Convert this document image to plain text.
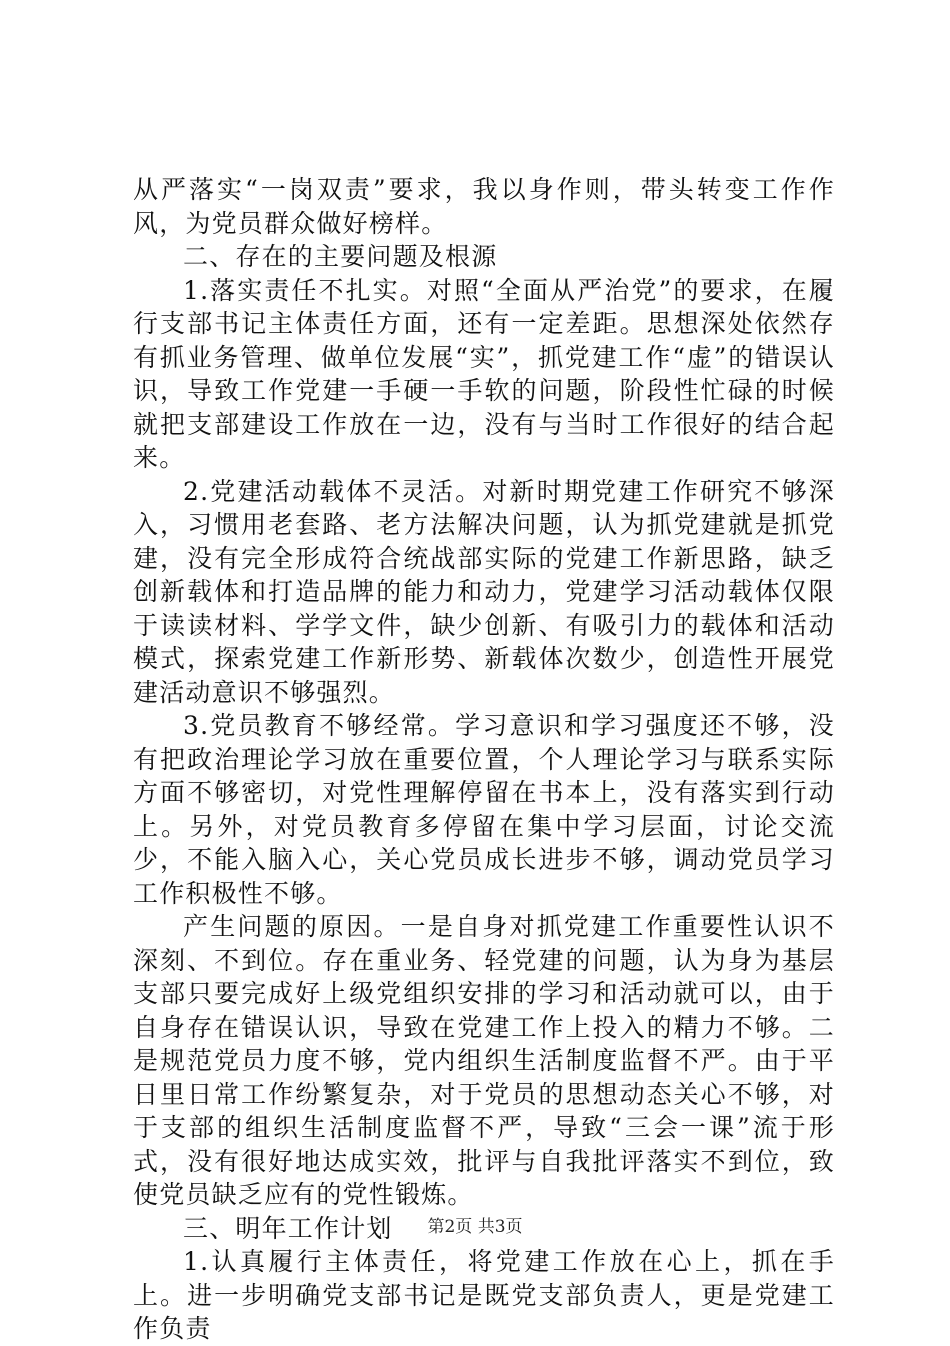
从严落实“一岗双责”要求，我以身作则，带头转变工作作风，为党员群众做好榜样。

二、存在的主要问题及根源

1.落实责任不扎实。对照“全面从严治党”的要求，在履行支部书记主体责任方面，还有一定差距。思想深处依然存有抓业务管理、做单位发展“实”，抓党建工作“虚”的错误认识，导致工作党建一手硬一手软的问题，阶段性忙碌的时候就把支部建设工作放在一边，没有与当时工作很好的结合起来。

2.党建活动载体不灵活。对新时期党建工作研究不够深入，习惯用老套路、老方法解决问题，认为抓党建就是抓党建，没有完全形成符合统战部实际的党建工作新思路，缺乏创新载体和打造品牌的能力和动力，党建学习活动载体仅限于读读材料、学学文件，缺少创新、有吸引力的载体和活动模式，探索党建工作新形势、新载体次数少，创造性开展党建活动意识不够强烈。

3.党员教育不够经常。学习意识和学习强度还不够，没有把政治理论学习放在重要位置，个人理论学习与联系实际方面不够密切，对党性理解停留在书本上，没有落实到行动上。另外，对党员教育多停留在集中学习层面，讨论交流少，不能入脑入心，关心党员成长进步不够，调动党员学习工作积极性不够。

产生问题的原因。一是自身对抓党建工作重要性认识不深刻、不到位。存在重业务、轻党建的问题，认为身为基层支部只要完成好上级党组织安排的学习和活动就可以，由于自身存在错误认识，导致在党建工作上投入的精力不够。二是规范党员力度不够，党内组织生活制度监督不严。由于平日里日常工作纷繁复杂，对于党员的思想动态关心不够，对于支部的组织生活制度监督不严，导致“三会一课”流于形式，没有很好地达成实效，批评与自我批评落实不到位，致使党员缺乏应有的党性锻炼。

三、明年工作计划

1.认真履行主体责任，将党建工作放在心上，抓在手上。进一步明确党支部书记是既党支部负责人，更是党建工作负责

第2页 共3页
